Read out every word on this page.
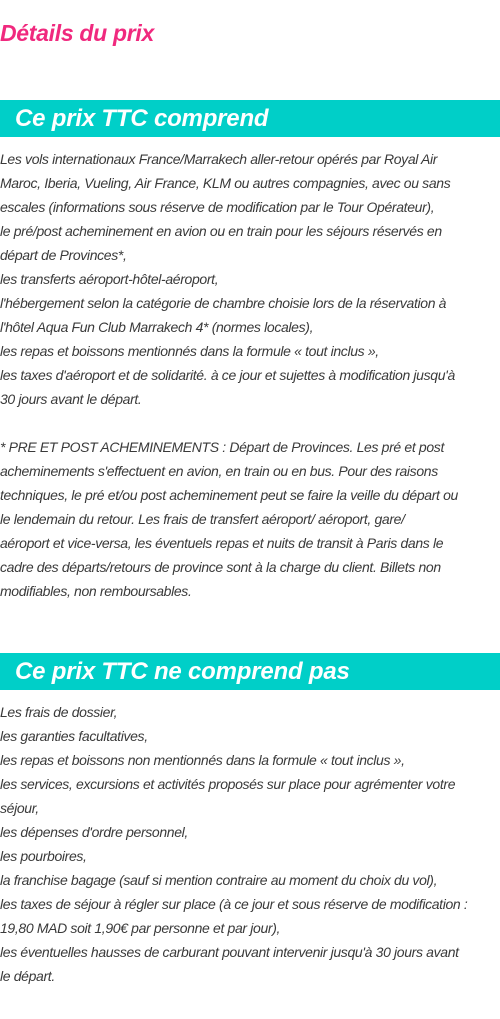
Détails du prix
Ce prix TTC comprend
Les vols internationaux France/Marrakech aller-retour opérés par Royal Air
Maroc, Iberia, Vueling, Air France, KLM ou autres compagnies, avec ou sans
escales (informations sous réserve de modification par le Tour Opérateur),
le pré/post acheminement en avion ou en train pour les séjours réservés en
départ de Provinces*,
les transferts aéroport-hôtel-aéroport,
l'hébergement selon la catégorie de chambre choisie lors de la réservation à
l'hôtel Aqua Fun Club Marrakech 4* (normes locales),
les repas et boissons mentionnés dans la formule « tout inclus »,
les taxes d'aéroport et de solidarité. à ce jour et sujettes à modification jusqu'à
30 jours avant le départ.
* PRE ET POST ACHEMINEMENTS : Départ de Provinces. Les pré et post
acheminements s'effectuent en avion, en train ou en bus. Pour des raisons
techniques, le pré et/ou post acheminement peut se faire la veille du départ ou
le lendemain du retour. Les frais de transfert aéroport/ aéroport, gare/
aéroport et vice-versa, les éventuels repas et nuits de transit à Paris dans le
cadre des départs/retours de province sont à la charge du client. Billets non
modifiables, non remboursables.
Ce prix TTC ne comprend pas
Les frais de dossier,
les garanties facultatives,
les repas et boissons non mentionnés dans la formule « tout inclus »,
les services, excursions et activités proposés sur place pour agrémenter votre
séjour,
les dépenses d'ordre personnel,
les pourboires,
la franchise bagage (sauf si mention contraire au moment du choix du vol),
les taxes de séjour à régler sur place (à ce jour et sous réserve de modification :
19,80 MAD soit 1,90€ par personne et par jour),
les éventuelles hausses de carburant pouvant intervenir jusqu'à 30 jours avant
le départ.
